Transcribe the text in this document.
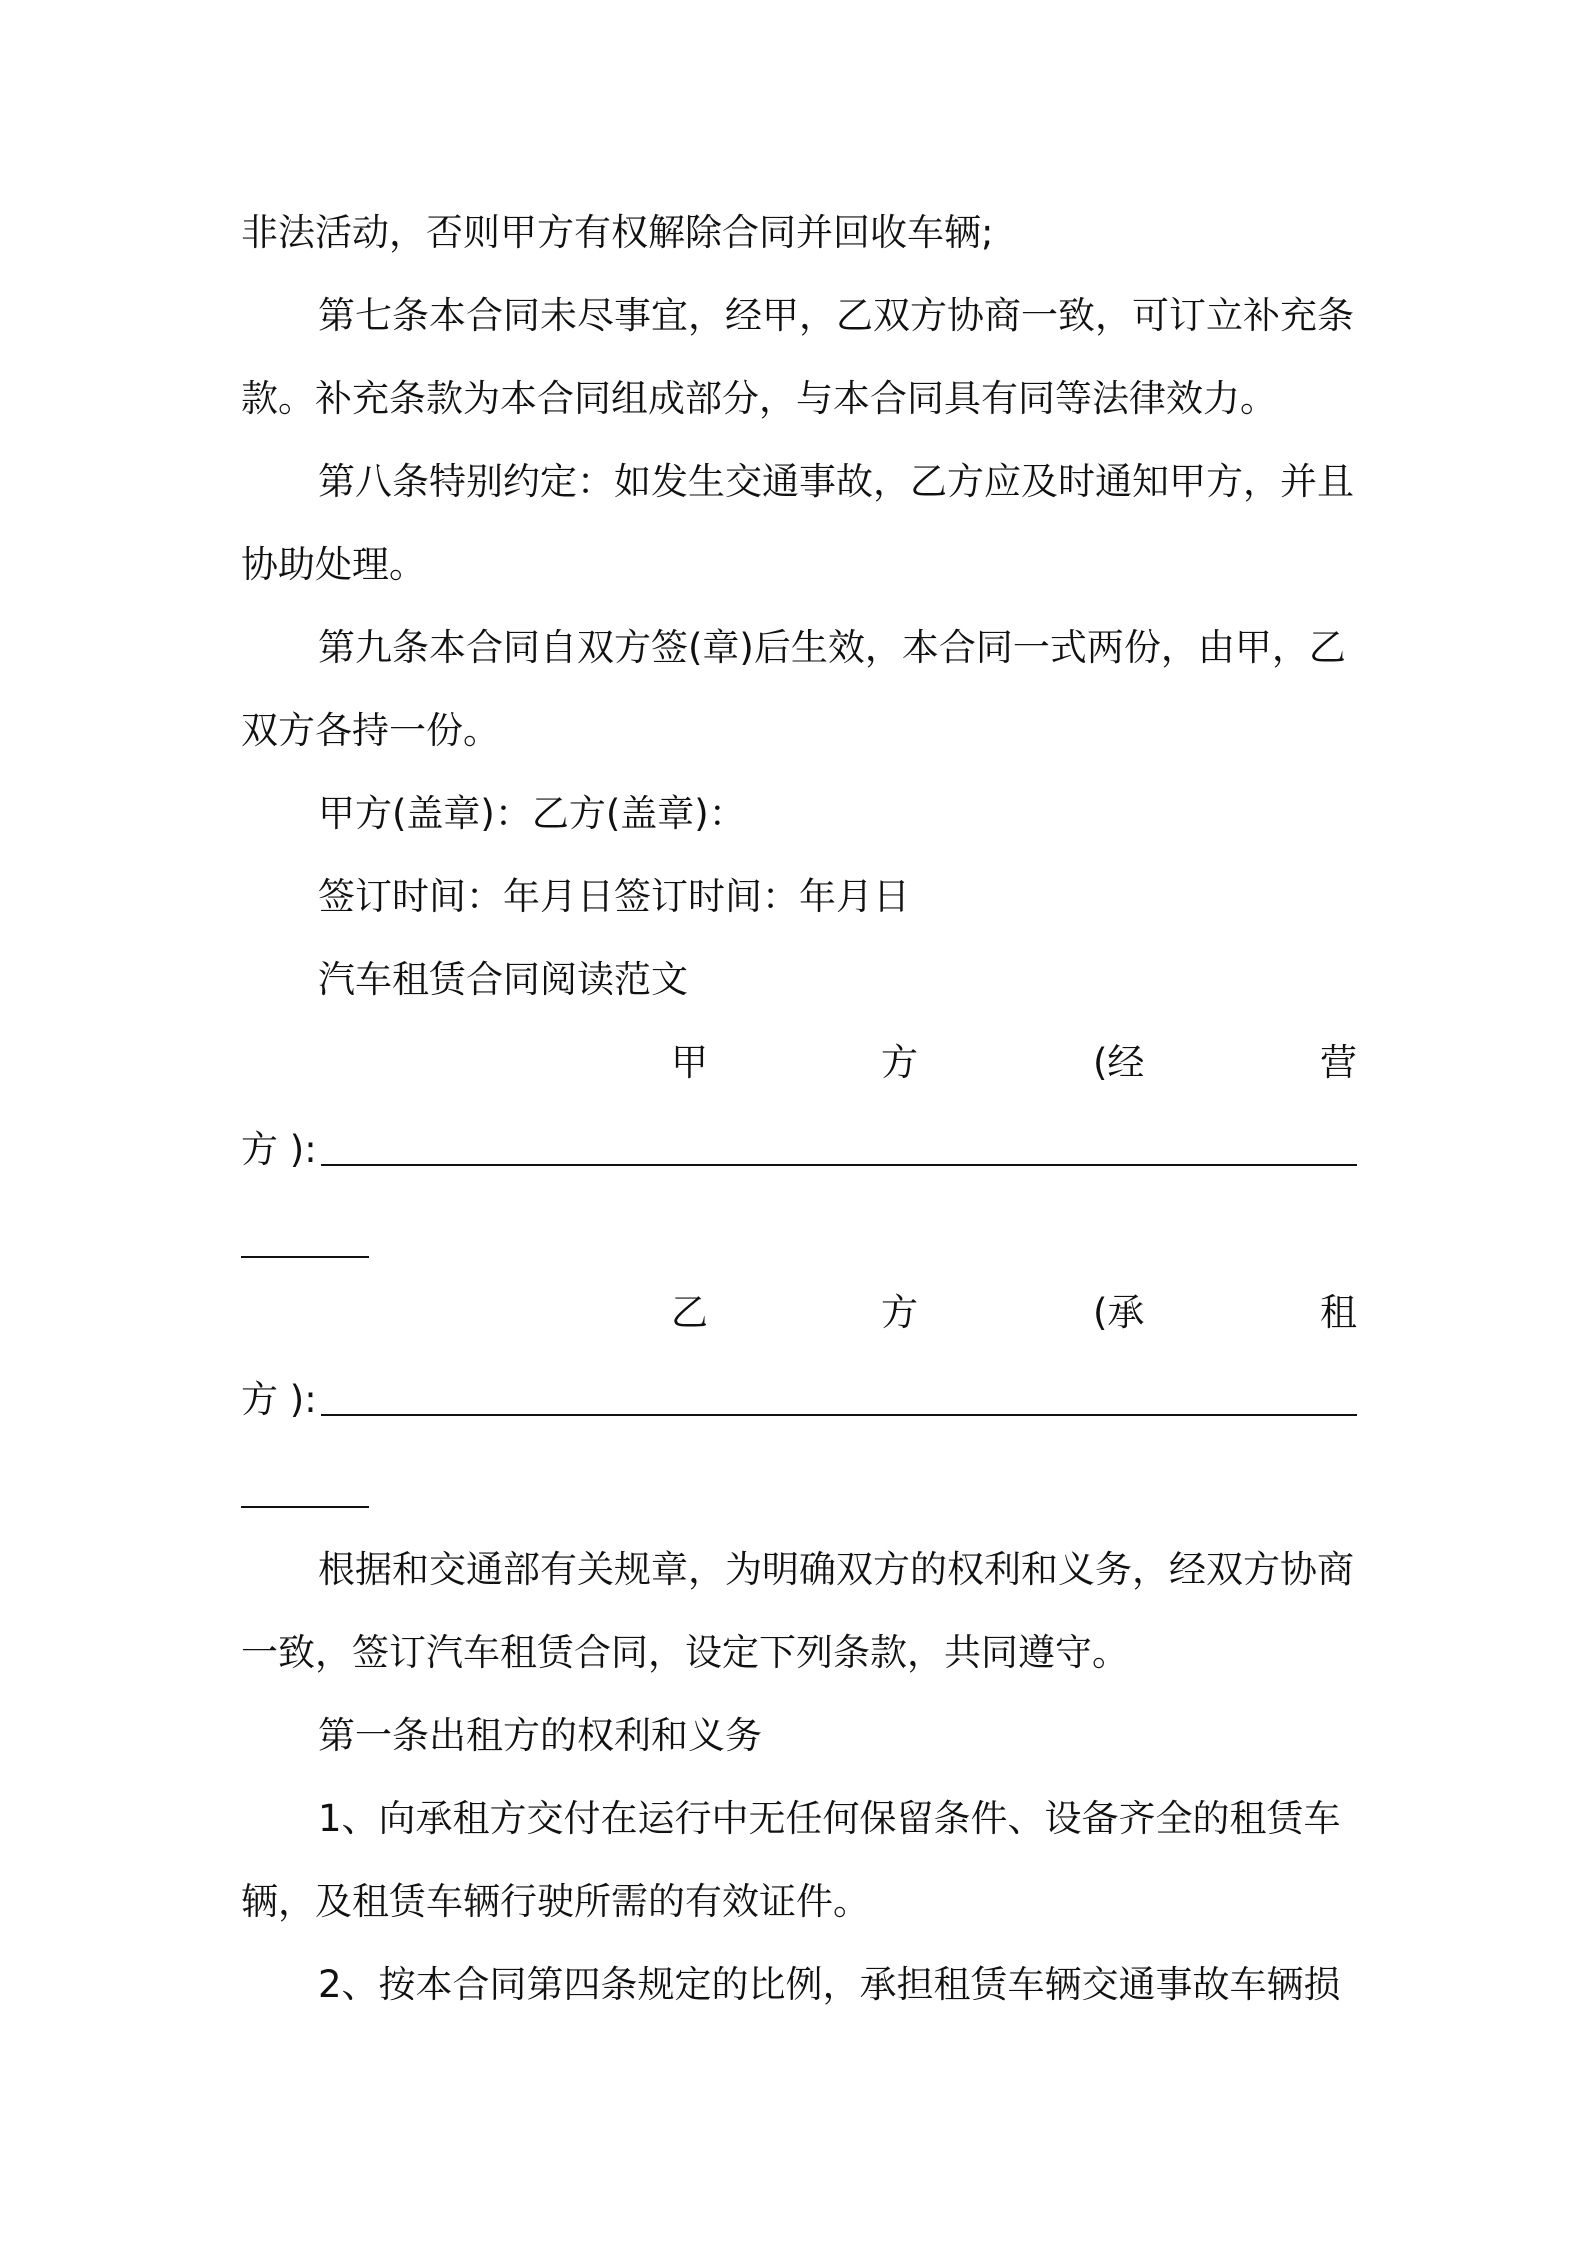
非法活动，否则甲方有权解除合同并回收车辆;
第七条本合同未尽事宜，经甲，乙双方协商一致，可订立补充条
款。补充条款为本合同组成部分，与本合同具有同等法律效力。
第八条特别约定：如发生交通事故，乙方应及时通知甲方，并且
协助处理。
第九条本合同自双方签(章)后生效，本合同一式两份，由甲，乙
双方各持一份。
甲方(盖章)：乙方(盖章)：
签订时间：年月日签订时间：年月日
汽车租赁合同阅读范文
甲	方	(经	营
方 ):
乙	方	(承	租
方 ):
根据和交通部有关规章，为明确双方的权利和义务，经双方协商
一致，签订汽车租赁合同，设定下列条款，共同遵守。
第一条出租方的权利和义务
1、向承租方交付在运行中无任何保留条件、设备齐全的租赁车
辆，及租赁车辆行驶所需的有效证件。
2、按本合同第四条规定的比例，承担租赁车辆交通事故车辆损
